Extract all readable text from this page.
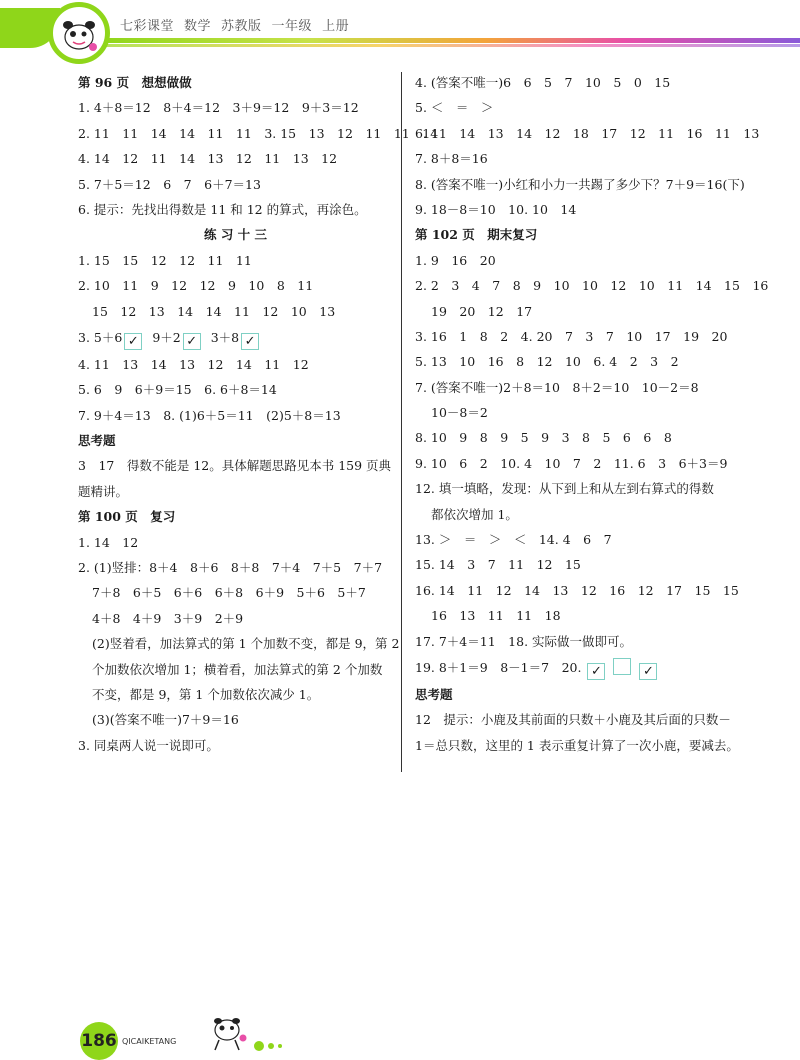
七彩课堂 数学 苏教版 一年级 上册
第 96 页　想想做做
1. 4＋8＝12　8＋4＝12　3＋9＝12　9＋3＝12
2. 11　11　14　14　11　11　3. 15　13　12　11　11　14
4. 14　12　11　14　13　12　11　13　12
5. 7＋5＝12　6　7　6＋7＝13
6. 提示：先找出得数是 11 和 12 的算式，再涂色。
练 习 十 三
1. 15　15　12　12　11　11
2. 10　11　9　12　12　9　10　8　11
15　12　13　14　14　11　12　10　13
3. 5＋6 ✓ 9＋2 ✓ 3＋8 ✓
4. 11　13　14　13　12　14　11　12
5. 6　9　6＋9＝15　6. 6＋8＝14
7. 9＋4＝13　8. (1)6＋5＝11　(2)5＋8＝13
思考题
3　17　得数不能是 12。具体解题思路见本书 159 页典
题精讲。
第 100 页　复习
1. 14　12
2. (1)竖排：8＋4　8＋6　8＋8　7＋4　7＋5　7＋7
7＋8　6＋5　6＋6　6＋8　6＋9　5＋6　5＋7
4＋8　4＋9　3＋9　2＋9
(2)竖着看，加法算式的第 1 个加数不变，都是 9，第 2
个加数依次增加 1；横着看，加法算式的第 2 个加数
不变，都是 9，第 1 个加数依次减少 1。
(3)(答案不唯一)7＋9＝16
3. 同桌两人说一说即可。
4. (答案不唯一)6　6　5　7　10　5　0　15
5. ＜　＝　＞
6. 11　14　13　14　12　18　17　12　11　16　11　13
7. 8＋8＝16
8. (答案不唯一)小红和小力一共踢了多少下？7＋9＝16(下)
9. 18－8＝10　10. 10　14
第 102 页　期末复习
1. 9　16　20
2. 2　3　4　7　8　9　10　10　12　10　11　14　15　16
19　20　12　17
3. 16　1　8　2　4. 20　7　3　7　10　17　19　20
5. 13　10　16　8　12　10　6. 4　2　3　2
7. (答案不唯一)2＋8＝10　8＋2＝10　10－2＝8
10－8＝2
8. 10　9　8　9　5　9　3　8　5　6　6　8
9. 10　6　2　10. 4　10　7　2　11. 6　3　6＋3＝9
12. 填一填略，发现：从下到上和从左到右算式的得数
都依次增加 1。
13. ＞　＝　＞　＜　14. 4　6　7
15. 14　3　7　11　12　15
16. 14　11　12　14　13　12　16　12　17　15　15
16　13　11　11　18
17. 7＋4＝11　18. 实际做一做即可。
19. 8＋1＝9　8－1＝7　20. ✓	✓
思考题
12　提示：小鹿及其前面的只数＋小鹿及其后面的只数－
1＝总只数，这里的 1 表示重复计算了一次小鹿，要减去。
186 QICAIKETANG
